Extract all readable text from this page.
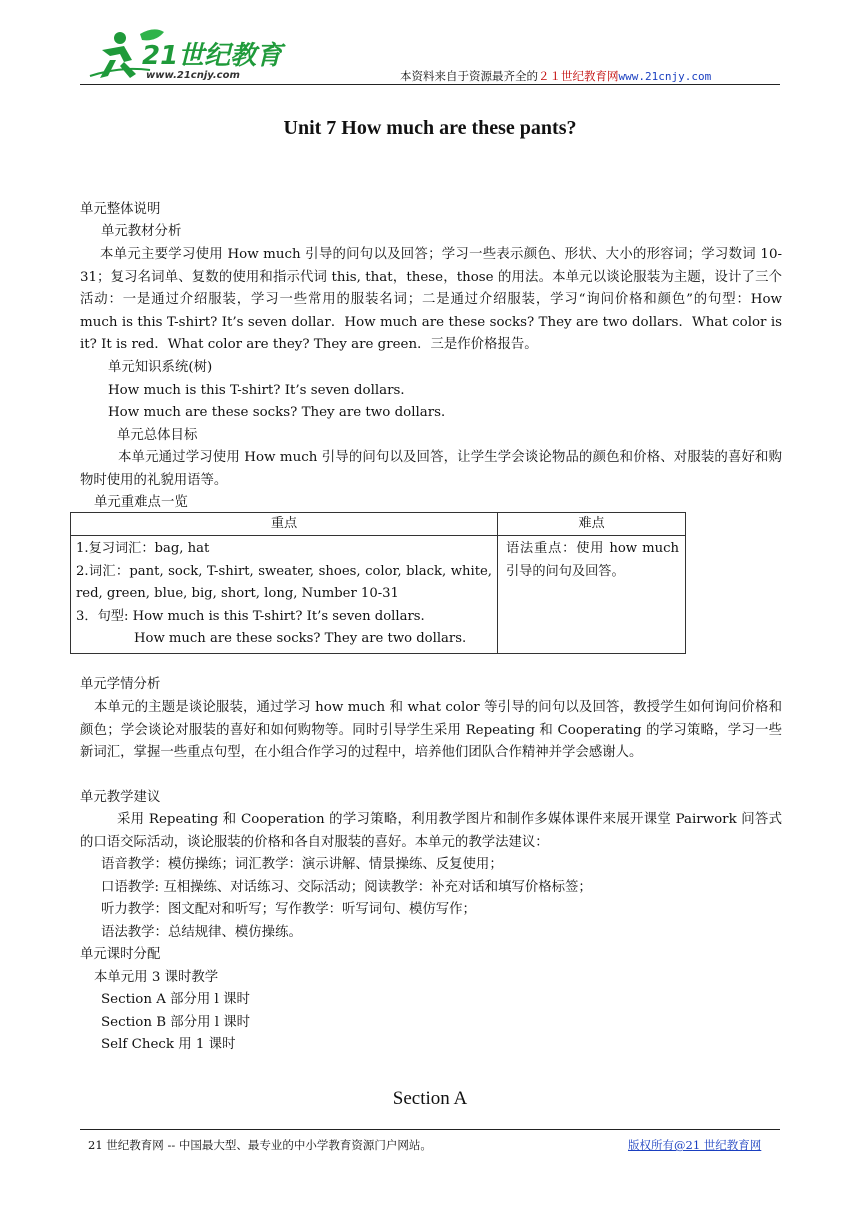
21世纪教育
www.21cnjy.com	本资料来自于资源最齐全的２１世纪教育网www.21cnjy.com
Unit 7 How much are these pants?
单元整体说明
单元教材分析
本单元主要学习使用 How much 引导的问句以及回答；学习一些表示颜色、形状、大小的形容词；学习数词 10-31；复习名词单、复数的使用和指示代词 this, that，these，those 的用法。本单元以谈论服装为主题，设计了三个活动：一是通过介绍服装，学习一些常用的服装名词；二是通过介绍服装，学习“询问价格和颜色”的句型：How much is this T-shirt? It’s seven dollar．How much are these socks? They are two dollars．What color is it? It is red．What color are they? They are green．三是作价格报告。
单元知识系统(树)
How much is this T-shirt? It’s seven dollars．
How much are these socks? They are two dollars．
单元总体目标
本单元通过学习使用 How much 引导的问句以及回答，让学生学会谈论物品的颜色和价格、对服装的喜好和购物时使用的礼貌用语等。
单元重难点一览
重点	难点

1.复习词汇：bag, hat
2.词汇：pant, sock, T-shirt, sweater, shoes, color, black, white, red, green, blue, big, short, long, Number 10-31
3．句型: How much is this T-shirt? It’s seven dollars.
How much are these socks? They are two dollars.	语法重点：使用 how much 引导的问句及回答。
单元学情分析
本单元的主题是谈论服装，通过学习 how much 和 what color 等引导的问句以及回答，教授学生如何询问价格和颜色；学会谈论对服装的喜好和如何购物等。同时引导学生采用 Repeating 和 Cooperating 的学习策略，学习一些新词汇，掌握一些重点句型，在小组合作学习的过程中，培养他们团队合作精神并学会感谢人。
单元教学建议
采用 Repeating 和 Cooperation 的学习策略，利用教学图片和制作多媒体课件来展开课堂 Pairwork 问答式的口语交际活动，谈论服装的价格和各自对服装的喜好。本单元的教学法建议：
语音教学：模仿操练；词汇教学：演示讲解、情景操练、反复使用；
口语教学: 互相操练、对话练习、交际活动；阅读教学：补充对话和填写价格标签；
听力教学：图文配对和听写；写作教学：听写词句、模仿写作；
语法教学：总结规律、模仿操练。
单元课时分配
本单元用 3 课时教学
Section A 部分用 l 课时
Section B 部分用 l 课时
Self Check 用 1 课时
Section A
21 世纪教育网 -- 中国最大型、最专业的中小学教育资源门户网站。	版权所有@21 世纪教育网
